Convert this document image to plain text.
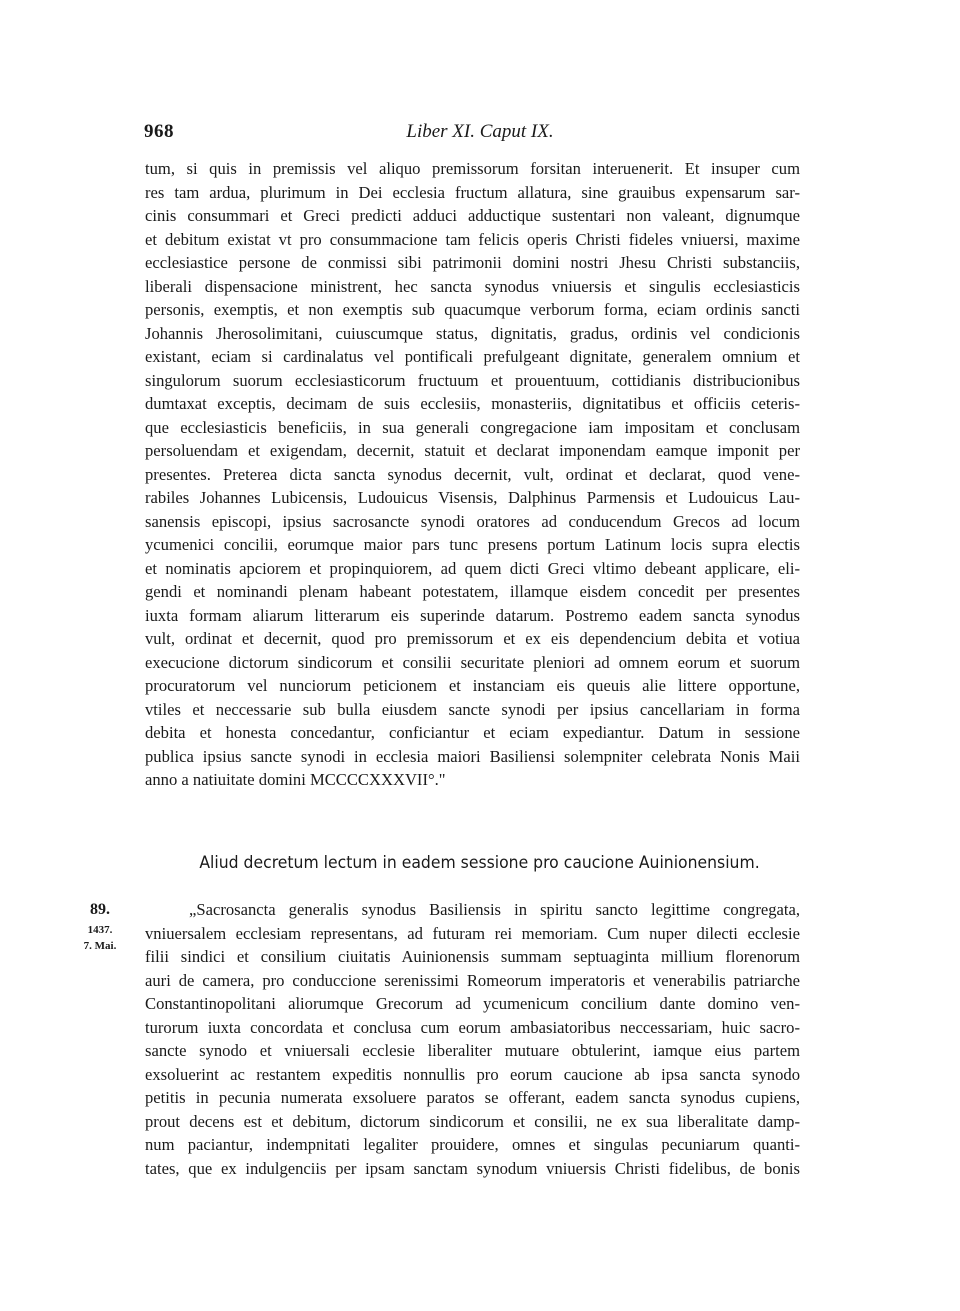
968	Liber XI. Caput IX.
tum, si quis in premissis vel aliquo premissorum forsitan interuenerit. Et insuper cum
res tam ardua, plurimum in Dei ecclesia fructum allatura, sine grauibus expensarum sar-
cinis consummari et Greci predicti adduci adductique sustentari non valeant, dignumque
et debitum existat vt pro consummacione tam felicis operis Christi fideles vniuersi, maxime
ecclesiastice persone de conmissi sibi patrimonii domini nostri Jhesu Christi substanciis,
liberali dispensacione ministrent, hec sancta synodus vniuersis et singulis ecclesiasticis
personis, exemptis, et non exemptis sub quacumque verborum forma, eciam ordinis sancti
Johannis Jherosolimitani, cuiuscumque status, dignitatis, gradus, ordinis vel condicionis
existant, eciam si cardinalatus vel pontificali prefulgeant dignitate, generalem omnium et
singulorum suorum ecclesiasticorum fructuum et prouentuum, cottidianis distribucionibus
dumtaxat exceptis, decimam de suis ecclesiis, monasteriis, dignitatibus et officiis ceteris-
que ecclesiasticis beneficiis, in sua generali congregacione iam impositam et conclusam
persoluendam et exigendam, decernit, statuit et declarat imponendam eamque imponit per
presentes. Preterea dicta sancta synodus decernit, vult, ordinat et declarat, quod vene-
rabiles Johannes Lubicensis, Ludouicus Visensis, Dalphinus Parmensis et Ludouicus Lau-
sanensis episcopi, ipsius sacrosancte synodi oratores ad conducendum Grecos ad locum
ycumenici concilii, eorumque maior pars tunc presens portum Latinum locis supra electis
et nominatis apciorem et propinquiorem, ad quem dicti Greci vltimo debeant applicare, eli-
gendi et nominandi plenam habeant potestatem, illamque eisdem concedit per presentes
iuxta formam aliarum litterarum eis superinde datarum. Postremo eadem sancta synodus
vult, ordinat et decernit, quod pro premissorum et ex eis dependencium debita et votiua
execucione dictorum sindicorum et consilii securitate pleniori ad omnem eorum et suorum
procuratorum vel nunciorum peticionem et instanciam eis queuis alie littere opportune,
vtiles et neccessarie sub bulla eiusdem sancte synodi per ipsius cancellariam in forma
debita et honesta concedantur, conficiantur et eciam expediantur. Datum in sessione
publica ipsius sancte synodi in ecclesia maiori Basiliensi solempniter celebrata Nonis Maii
anno a natiuitate domini MCCCCXXXVII°."
Aliud decretum lectum in eadem sessione pro caucione Auinionensium.
89.
1437.
7. Mai.
„Sacrosancta generalis synodus Basiliensis in spiritu sancto legittime congregata,
vniuersalem ecclesiam representans, ad futuram rei memoriam. Cum nuper dilecti ecclesie
filii sindici et consilium ciuitatis Auinionensis summam septuaginta millium florenorum
auri de camera, pro conduccione serenissimi Romeorum imperatoris et venerabilis patriarche
Constantinopolitani aliorumque Grecorum ad ycumenicum concilium dante domino ven-
turorum iuxta concordata et conclusa cum eorum ambasiatoribus neccessariam, huic sacro-
sancte synodo et vniuersali ecclesie liberaliter mutuare obtulerint, iamque eius partem
exsoluerint ac restantem expeditis nonnullis pro eorum caucione ab ipsa sancta synodo
petitis in pecunia numerata exsoluere paratos se offerant, eadem sancta synodus cupiens,
prout decens est et debitum, dictorum sindicorum et consilii, ne ex sua liberalitate damp-
num paciantur, indempnitati legaliter prouidere, omnes et singulas pecuniarum quanti-
tates, que ex indulgenciis per ipsam sanctam synodum vniuersis Christi fidelibus, de bonis
